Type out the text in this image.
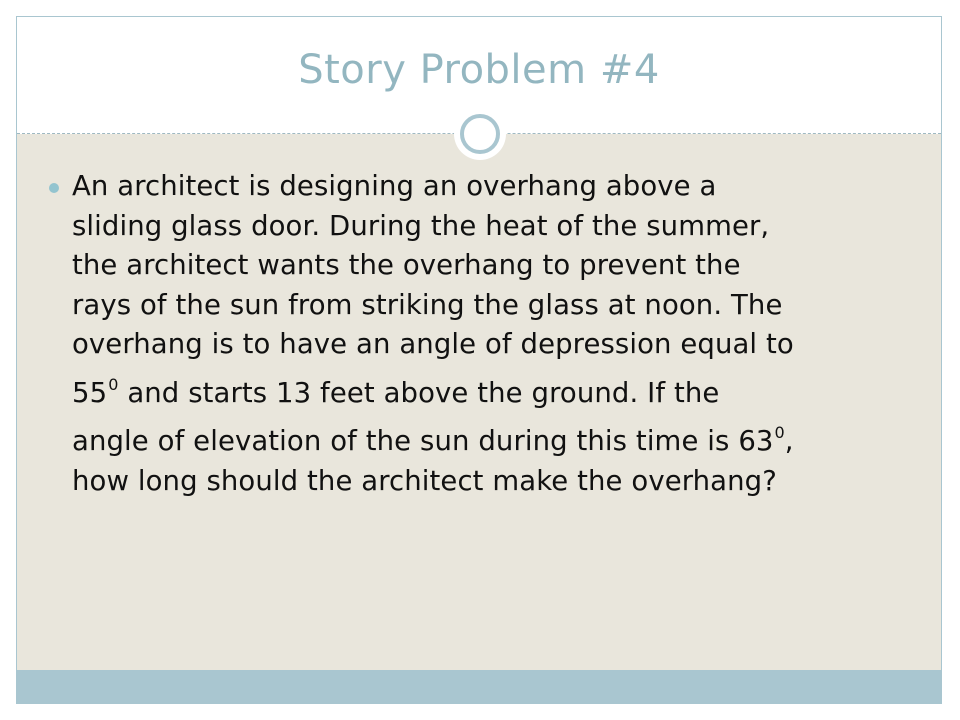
Story Problem #4

An architect is designing an overhang above a
sliding glass door. During the heat of the summer,
the architect wants the overhang to prevent the
rays of the sun from striking the glass at noon. The
overhang is to have an angle of depression equal to
$55^0$ and starts 13 feet above the ground. If the
angle of elevation of the sun during this time is $63^0$,
how long should the architect make the overhang?
